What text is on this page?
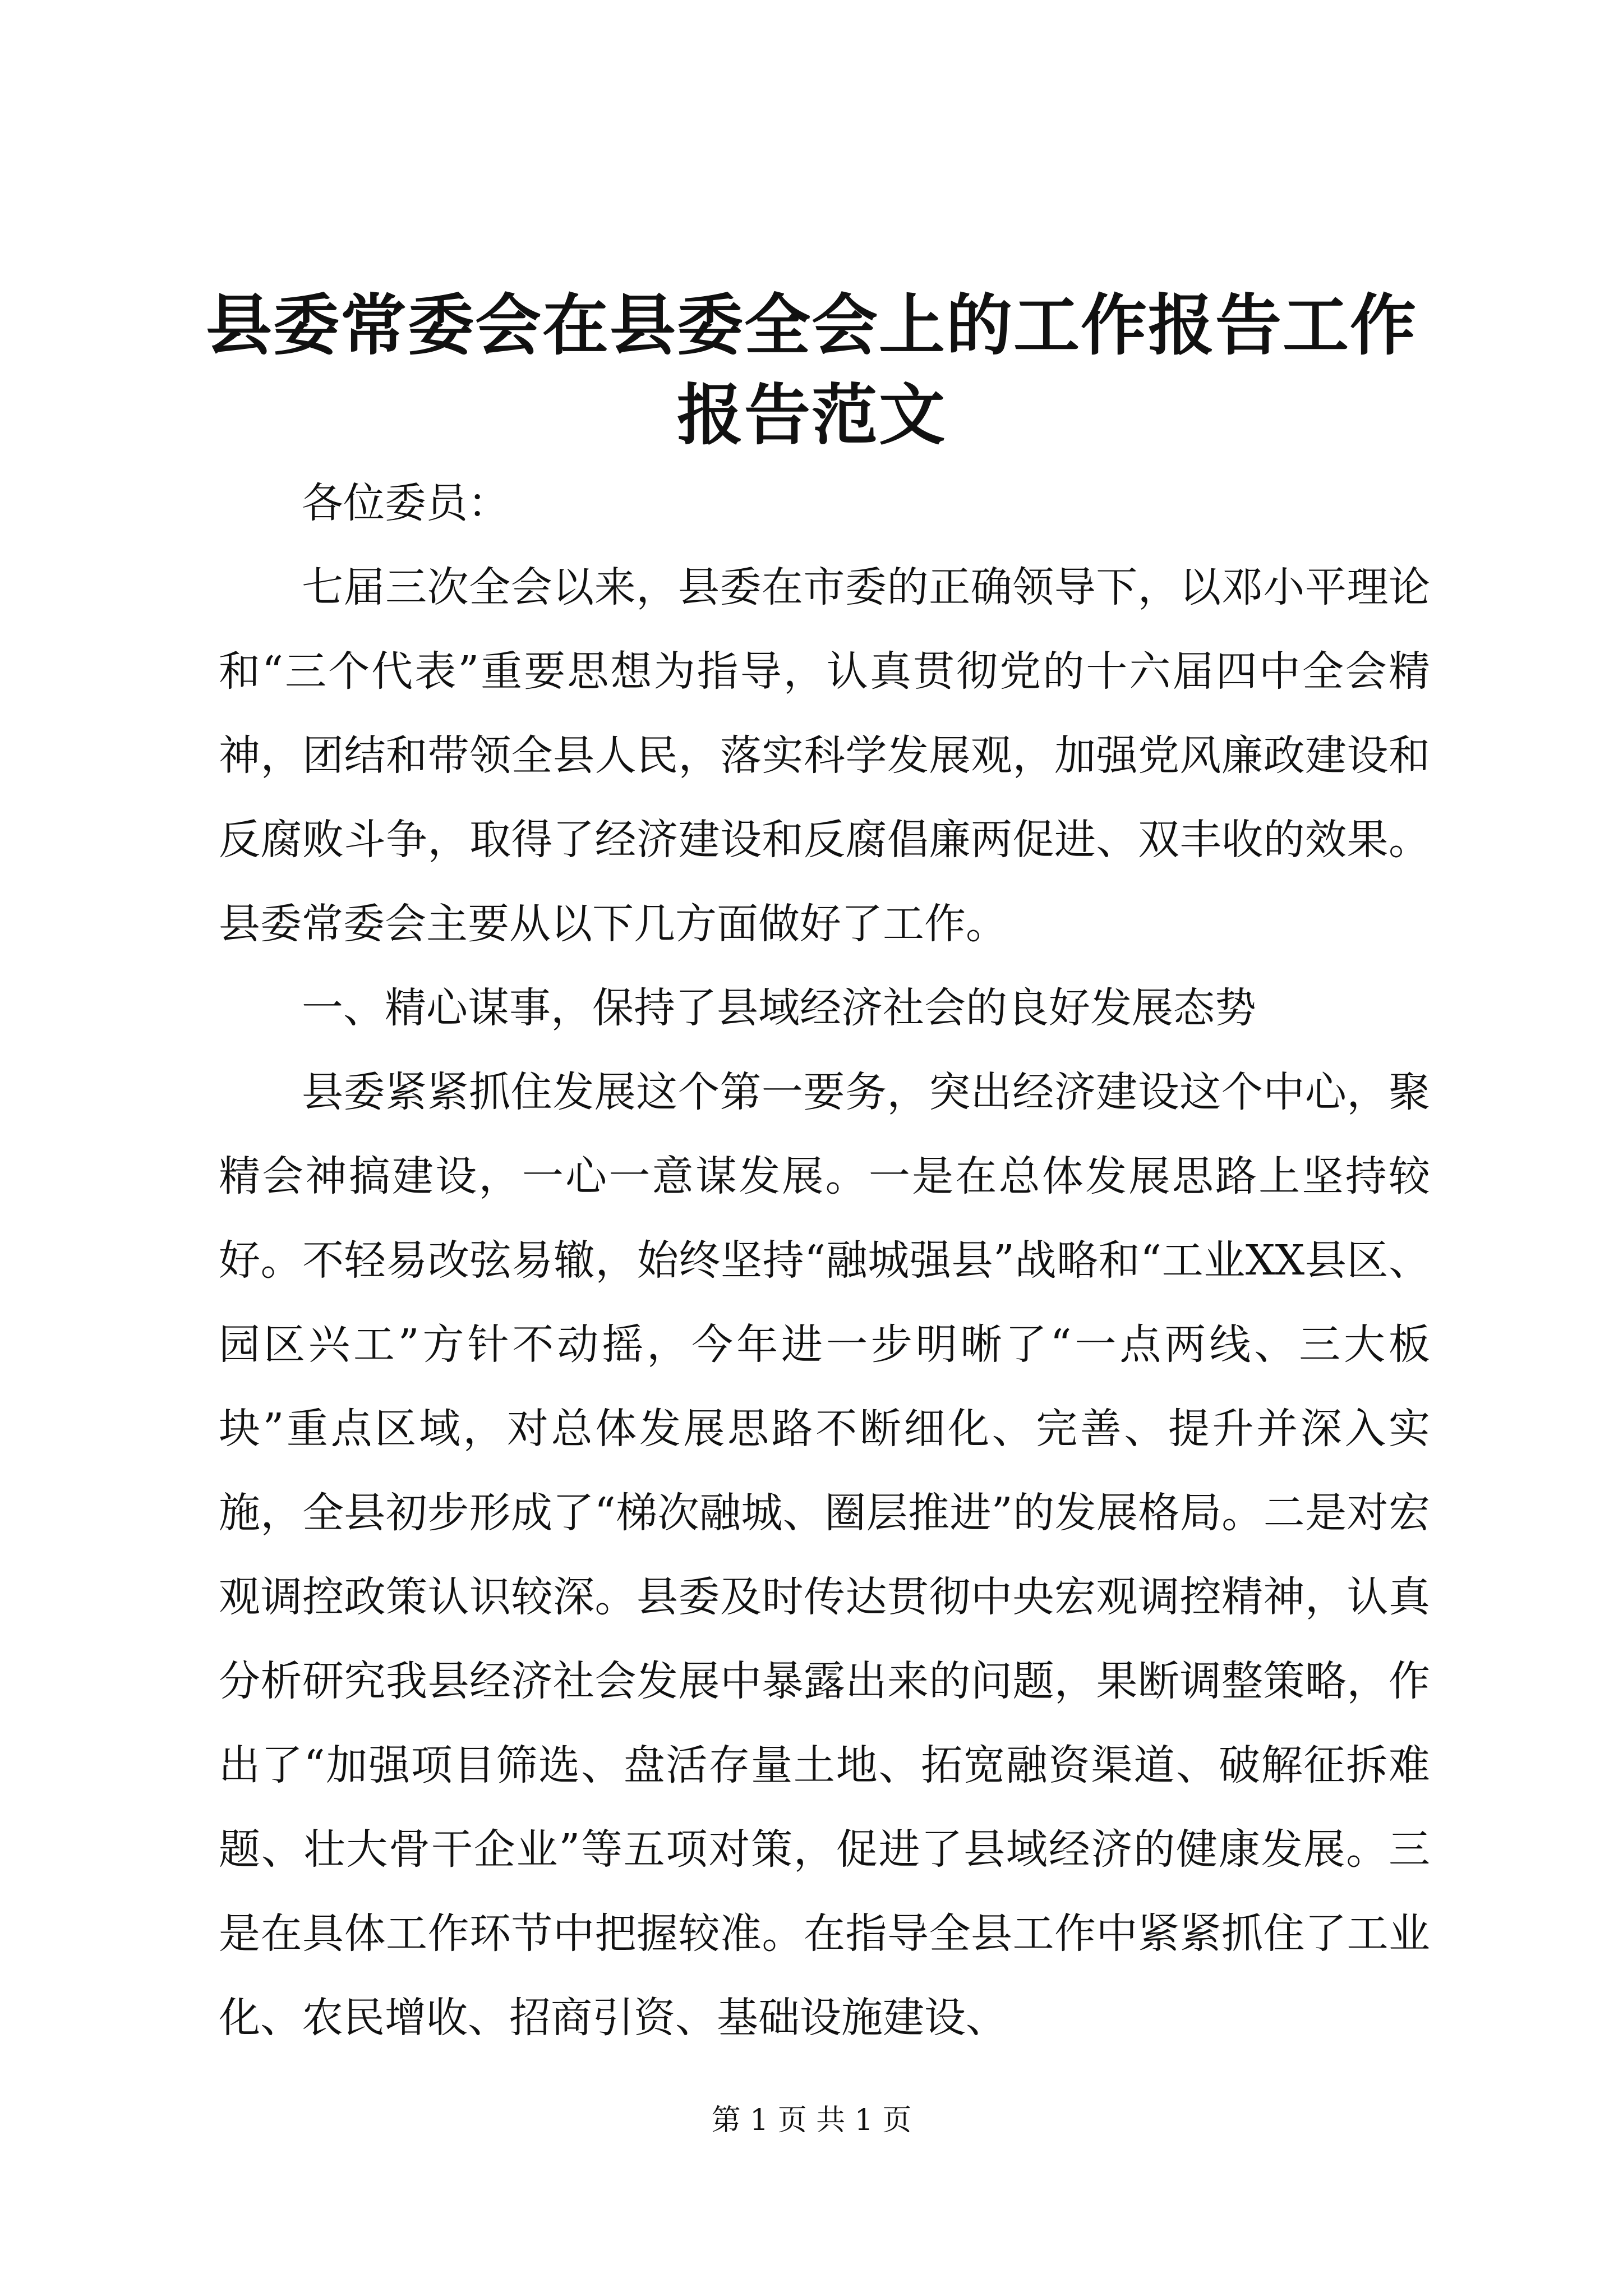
县委常委会在县委全会上的工作报告工作报告范文

各位委员：

七届三次全会以来，县委在市委的正确领导下，以邓小平理论和“三个代表”重要思想为指导，认真贯彻党的十六届四中全会精神，团结和带领全县人民，落实科学发展观，加强党风廉政建设和反腐败斗争，取得了经济建设和反腐倡廉两促进、双丰收的效果。县委常委会主要从以下几方面做好了工作。

一、精心谋事，保持了县域经济社会的良好发展态势

县委紧紧抓住发展这个第一要务，突出经济建设这个中心，聚精会神搞建设，一心一意谋发展。一是在总体发展思路上坚持较好。不轻易改弦易辙，始终坚持“融城强县”战略和“工业XX县区、园区兴工”方针不动摇，今年进一步明晰了“一点两线、三大板块”重点区域，对总体发展思路不断细化、完善、提升并深入实施，全县初步形成了“梯次融城、圈层推进”的发展格局。二是对宏观调控政策认识较深。县委及时传达贯彻中央宏观调控精神，认真分析研究我县经济社会发展中暴露出来的问题，果断调整策略，作出了“加强项目筛选、盘活存量土地、拓宽融资渠道、破解征拆难题、壮大骨干企业”等五项对策，促进了县域经济的健康发展。三是在具体工作环节中把握较准。在指导全县工作中紧紧抓住了工业化、农民增收、招商引资、基础设施建设、

第 1 页 共 1 页
